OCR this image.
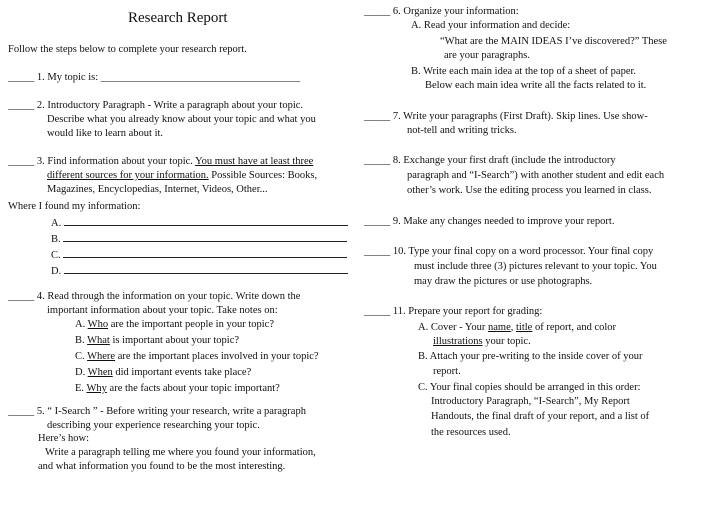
Research Report
Follow the steps below to complete your research report.
_____ 1. My topic is: ______________________________________
_____ 2. Introductory Paragraph - Write a paragraph about your topic.
Describe what you already know about your topic and what you
would like to learn about it.
_____ 3. Find information about your topic. You must have at least three
different sources for your information. Possible Sources: Books,
Magazines, Encyclopedias, Internet, Videos, Other...
Where I found my information:
A.
B.
C.
D.
_____ 4. Read through the information on your topic. Write down the
important information about your topic. Take notes on:
A. Who are the important people in your topic?
B. What is important about your topic?
C. Where are the important places involved in your topic?
D. When did important events take place?
E. Why are the facts about your topic important?
_____ 5. “ I-Search ” - Before writing your research, write a paragraph
describing your experience researching your topic.
Here’s how:
Write a paragraph telling me where you found your information,
and what information you found to be the most interesting.
_____ 6. Organize your information:
A. Read your information and decide:
“What are the MAIN IDEAS I’ve discovered?” These
are your paragraphs.
B. Write each main idea at the top of a sheet of paper.
Below each main idea write all the facts related to it.
_____ 7. Write your paragraphs (First Draft). Skip lines. Use show-
not-tell and writing tricks.
_____ 8. Exchange your first draft (include the introductory
paragraph and “I-Search”) with another student and edit each
other’s work. Use the editing process you learned in class.
_____ 9. Make any changes needed to improve your report.
_____ 10. Type your final copy on a word processor. Your final copy
must include three (3) pictures relevant to your topic. You
may draw the pictures or use photographs.
_____ 11. Prepare your report for grading:
A. Cover - Your name, title of report, and color
illustrations your topic.
B. Attach your pre-writing to the inside cover of your
report.
C. Your final copies should be arranged in this order:
Introductory Paragraph, “I-Search”, My Report
Handouts, the final draft of your report, and a list of
the resources used.
